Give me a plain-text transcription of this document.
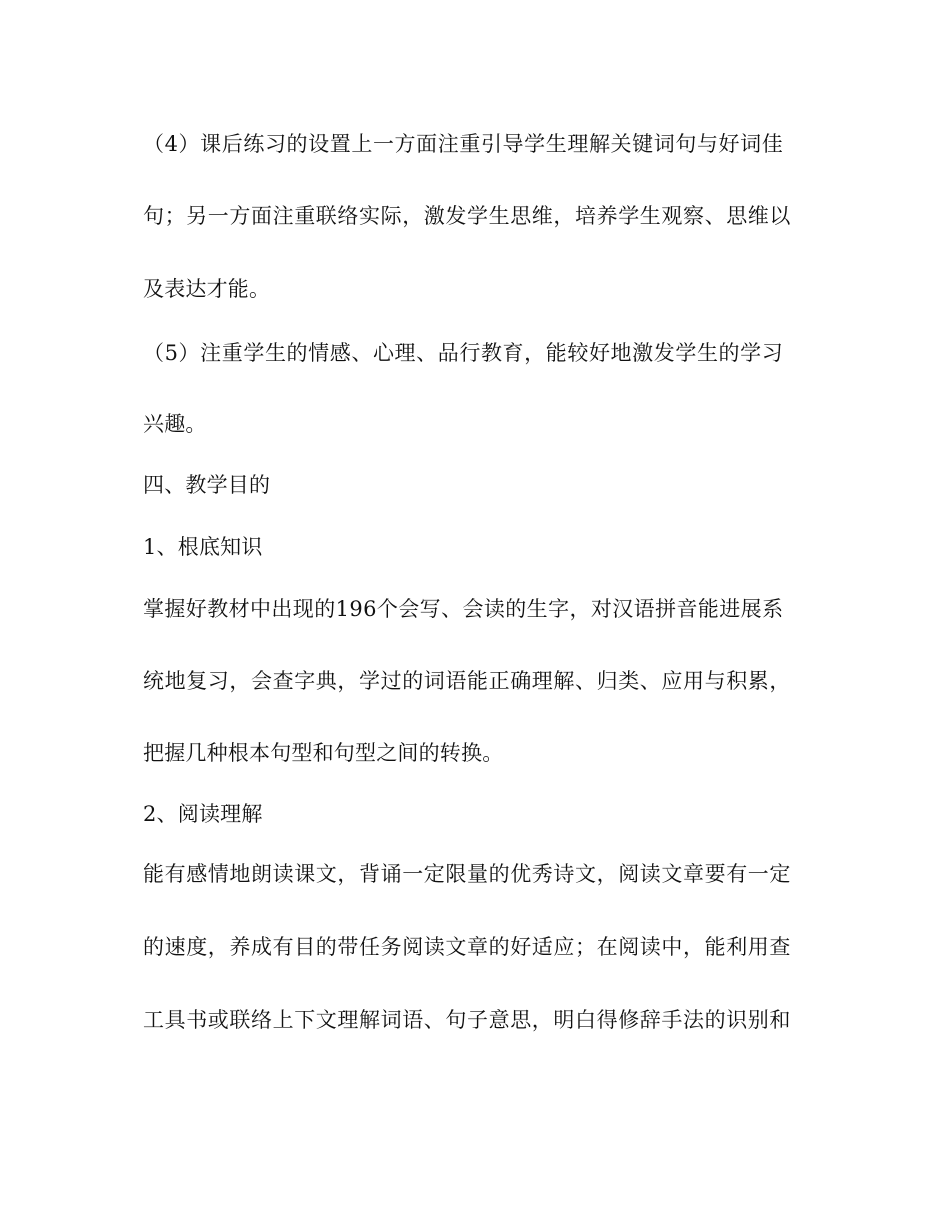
（4）课后练习的设置上一方面注重引导学生理解关键词句与好词佳
句；另一方面注重联络实际，激发学生思维，培养学生观察、思维以
及表达才能。
（5）注重学生的情感、心理、品行教育，能较好地激发学生的学习
兴趣。
四、教学目的
1、根底知识
掌握好教材中出现的196个会写、会读的生字，对汉语拼音能进展系
统地复习，会查字典，学过的词语能正确理解、归类、应用与积累，
把握几种根本句型和句型之间的转换。
2、阅读理解
能有感情地朗读课文，背诵一定限量的优秀诗文，阅读文章要有一定
的速度，养成有目的带任务阅读文章的好适应；在阅读中，能利用查
工具书或联络上下文理解词语、句子意思，明白得修辞手法的识别和
